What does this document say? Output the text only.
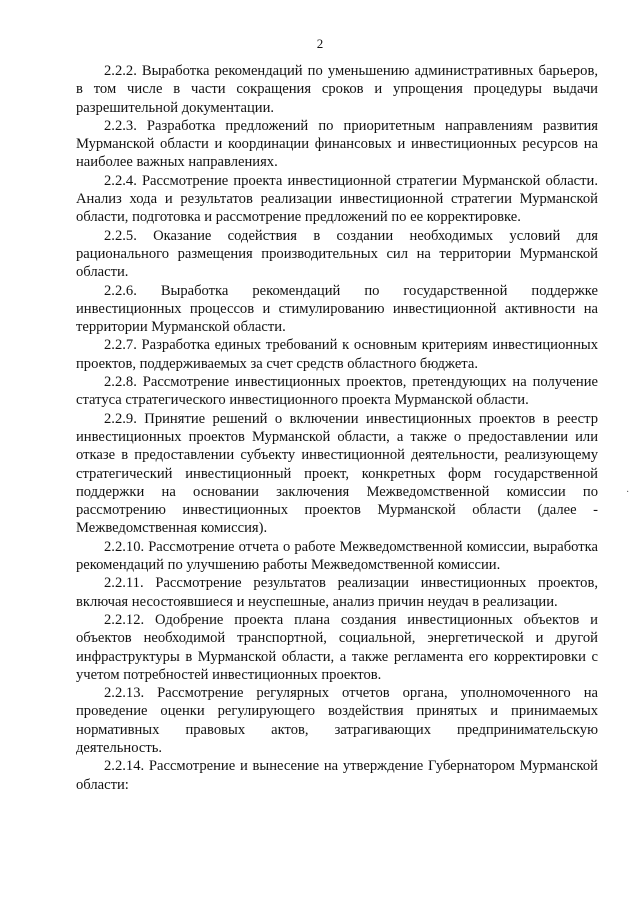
2

2.2.2. Выработка рекомендаций по уменьшению административных барьеров, в том числе в части сокращения сроков и упрощения процедуры выдачи разрешительной документации.

2.2.3. Разработка предложений по приоритетным направлениям развития Мурманской области и координации финансовых и инвестиционных ресурсов на наиболее важных направлениях.

2.2.4. Рассмотрение проекта инвестиционной стратегии Мурманской области. Анализ хода и результатов реализации инвестиционной стратегии Мурманской области, подготовка и рассмотрение предложений по ее корректировке.

2.2.5. Оказание содействия в создании необходимых условий для рационального размещения производительных сил на территории Мурманской области.

2.2.6. Выработка рекомендаций по государственной поддержке инвестиционных процессов и стимулированию инвестиционной активности на территории Мурманской области.

2.2.7. Разработка единых требований к основным критериям инвестиционных проектов, поддерживаемых за счет средств областного бюджета.

2.2.8. Рассмотрение инвестиционных проектов, претендующих на получение статуса стратегического инвестиционного проекта Мурманской области.

2.2.9. Принятие решений о включении инвестиционных проектов в реестр инвестиционных проектов Мурманской области, а также о предоставлении или отказе в предоставлении субъекту инвестиционной деятельности, реализующему стратегический инвестиционный проект, конкретных форм государственной поддержки на основании заключения Межведомственной комиссии по рассмотрению инвестиционных проектов Мурманской области (далее - Межведомственная комиссия).

2.2.10. Рассмотрение отчета о работе Межведомственной комиссии, выработка рекомендаций по улучшению работы Межведомственной комиссии.

2.2.11. Рассмотрение результатов реализации инвестиционных проектов, включая несостоявшиеся и неуспешные, анализ причин неудач в реализации.

2.2.12. Одобрение проекта плана создания инвестиционных объектов и объектов необходимой транспортной, социальной, энергетической и другой инфраструктуры в Мурманской области, а также регламента его корректировки с учетом потребностей инвестиционных проектов.

2.2.13. Рассмотрение регулярных отчетов органа, уполномоченного на проведение оценки регулирующего воздействия принятых и принимаемых нормативных правовых актов, затрагивающих предпринимательскую деятельность.

2.2.14. Рассмотрение и вынесение на утверждение Губернатором Мурманской области:

·
